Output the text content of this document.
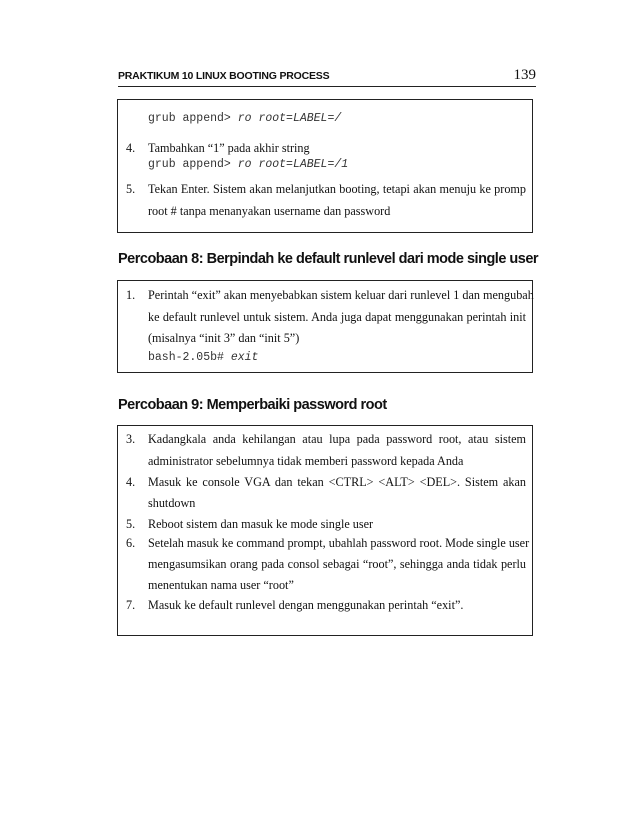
PRAKTIKUM 10 LINUX BOOTING PROCESS	139
grub append> ro root=LABEL=/
4. Tambahkan “1” pada akhir string
grub append> ro root=LABEL=/1
5. Tekan Enter. Sistem akan melanjutkan booting, tetapi akan menuju ke promp
root # tanpa menanyakan username dan password
Percobaan 8: Berpindah ke default runlevel dari mode single user
1. Perintah “exit” akan menyebabkan sistem keluar dari runlevel 1 dan mengubah
ke default runlevel untuk sistem. Anda juga dapat menggunakan perintah init
(misalnya “init 3” dan “init 5”)
bash-2.05b# exit
Percobaan 9: Memperbaiki password root
3. Kadangkala anda kehilangan atau lupa pada password root, atau sistem
administrator sebelumnya tidak memberi password kepada Anda
4. Masuk ke console VGA dan tekan <CTRL> <ALT> <DEL>. Sistem akan
shutdown
5. Reboot sistem dan masuk ke mode single user
6. Setelah masuk ke command prompt, ubahlah password root. Mode single user
mengasumsikan orang pada consol sebagai “root”, sehingga anda tidak perlu
menentukan nama user “root”
7. Masuk ke default runlevel dengan menggunakan perintah “exit”.
